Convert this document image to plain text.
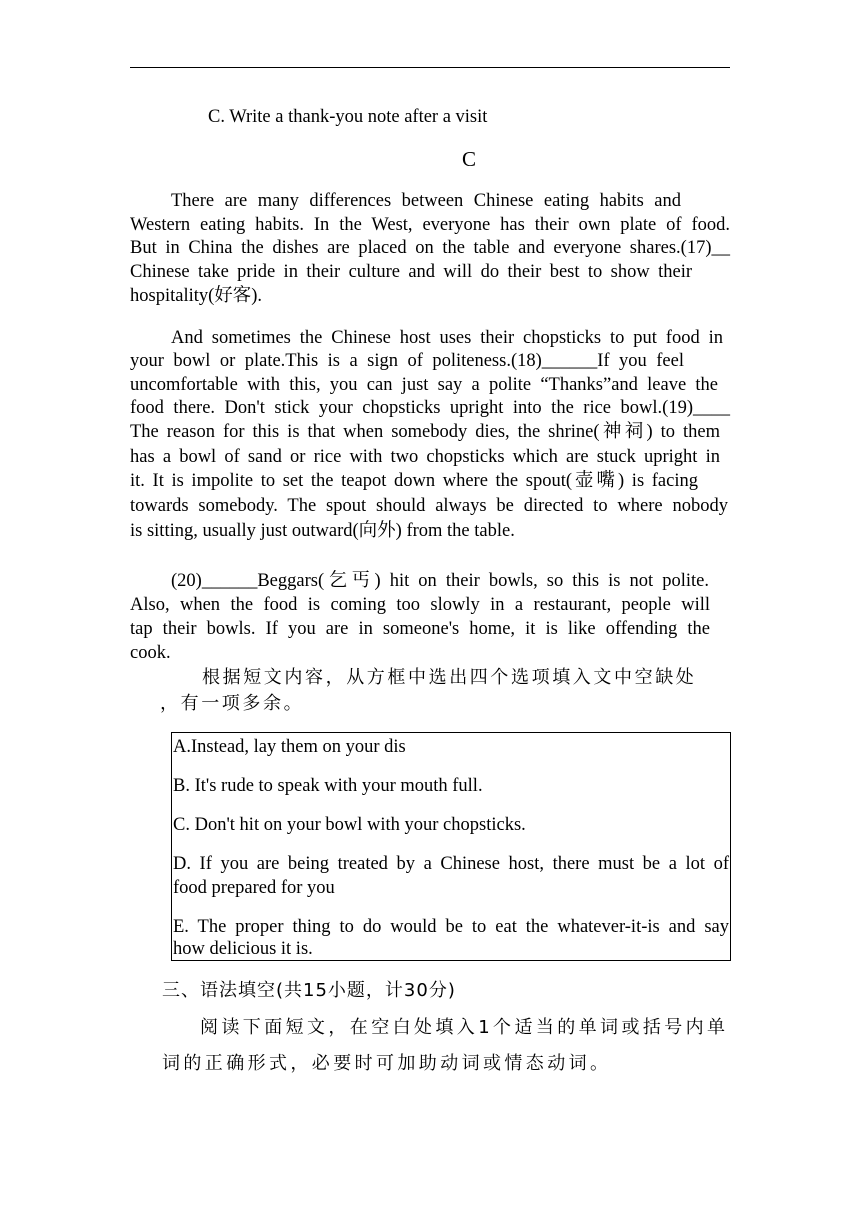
C. Write a thank-you note after a visit
C
There are many differences between Chinese eating habits and
Western eating habits. In the West, everyone has their own plate of food.
But in China the dishes are placed on the table and everyone shares.(17)__
Chinese take pride in their culture and will do their best to show their
hospitality(好客).
And sometimes the Chinese host uses their chopsticks to put food in
your bowl or plate.This is a sign of politeness.(18)______If you feel
uncomfortable with this, you can just say a polite “Thanks”and leave the
food there. Don't stick your chopsticks upright into the rice bowl.(19)____
The reason for this is that when somebody dies, the shrine(神祠) to them
has a bowl of sand or rice with two chopsticks which are stuck upright in
it. It is impolite to set the teapot down where the spout(壶嘴) is facing
towards somebody. The spout should always be directed to where nobody
is sitting, usually just outward(向外) from the table.
(20)______Beggars(乞丐) hit on their bowls, so this is not polite.
Also, when the food is coming too slowly in a restaurant, people will
tap their bowls. If you are in someone's home, it is like offending the
cook.
根据短文内容，从方框中选出四个选项填入文中空缺处
，有一项多余。
A.Instead, lay them on your dis
B. It's rude to speak with your mouth full.
C. Don't hit on your bowl with your chopsticks.
D. If you are being treated by a Chinese host, there must be a lot of
food prepared for you
E. The proper thing to do would be to eat the whatever-it-is and say
how delicious it is.
三、语法填空(共15小题，计30分)
阅读下面短文，在空白处填入1个适当的单词或括号内单
词的正确形式，必要时可加助动词或情态动词。
